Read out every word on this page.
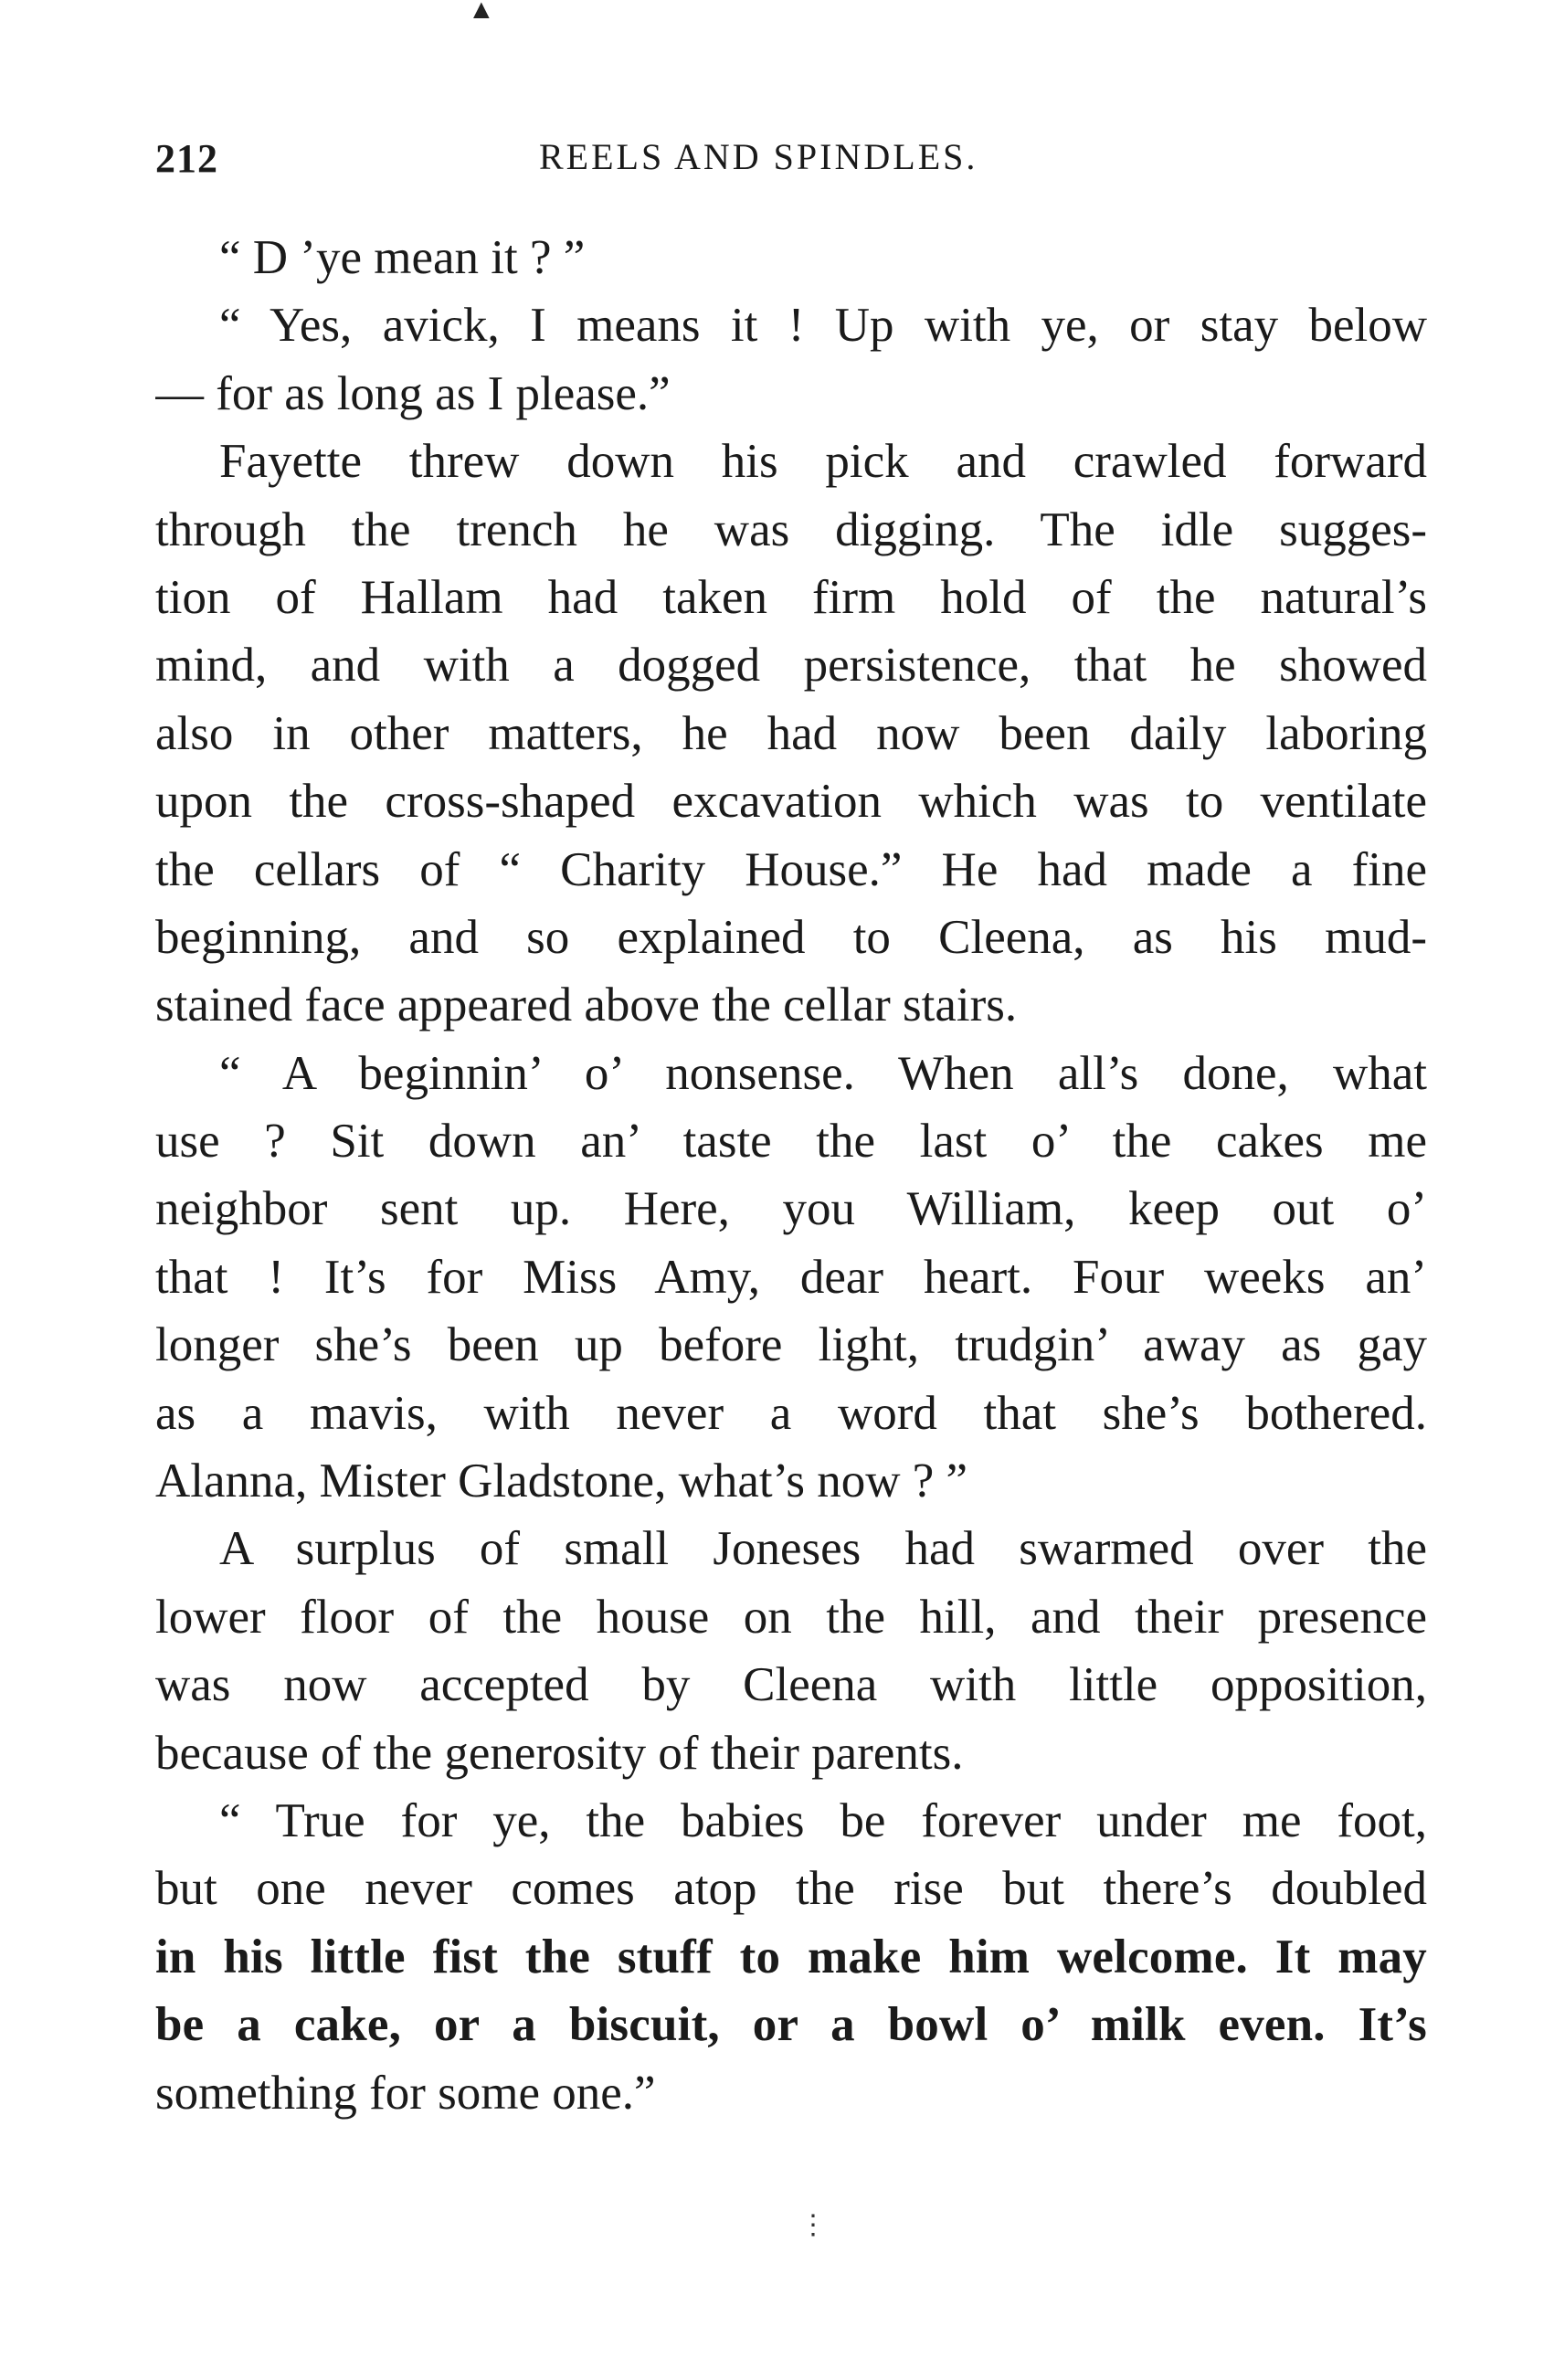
▲
212	REELS AND SPINDLES.
“ D ’ye mean it ? ”
“ Yes, avick, I means it ! Up with ye, or stay below
— for as long as I please.”
Fayette threw down his pick and crawled forward
through the trench he was digging. The idle sugges-
tion of Hallam had taken firm hold of the natural’s
mind, and with a dogged persistence, that he showed
also in other matters, he had now been daily laboring
upon the cross-shaped excavation which was to ventilate
the cellars of “ Charity House.” He had made a fine
beginning, and so explained to Cleena, as his mud-
stained face appeared above the cellar stairs.
“ A beginnin’ o’ nonsense. When all’s done, what
use ? Sit down an’ taste the last o’ the cakes me
neighbor sent up. Here, you William, keep out o’
that ! It’s for Miss Amy, dear heart. Four weeks an’
longer she’s been up before light, trudgin’ away as gay
as a mavis, with never a word that she’s bothered.
Alanna, Mister Gladstone, what’s now ? ”
A surplus of small Joneses had swarmed over the
lower floor of the house on the hill, and their presence
was now accepted by Cleena with little opposition,
because of the generosity of their parents.
“ True for ye, the babies be forever under me foot,
but one never comes atop the rise but there’s doubled
in his little fist the stuff to make him welcome. It may
be a cake, or a biscuit, or a bowl o’ milk even. It’s
something for some one.”
⋮
